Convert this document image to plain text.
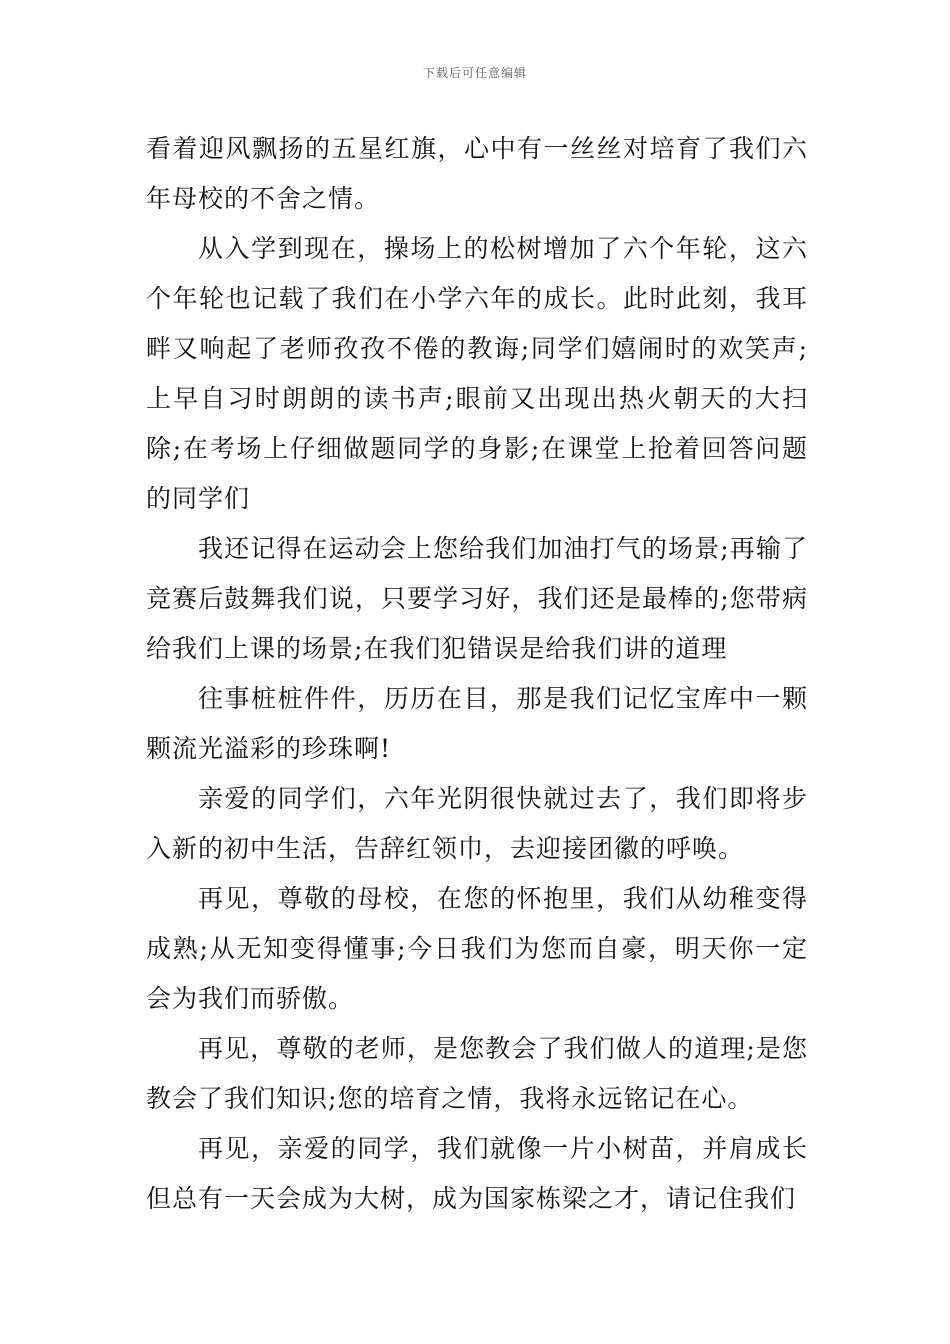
下载后可任意编辑

看着迎风飘扬的五星红旗，心中有一丝丝对培育了我们六年母校的不舍之情。

从入学到现在，操场上的松树增加了六个年轮，这六个年轮也记载了我们在小学六年的成长。此时此刻，我耳畔又响起了老师孜孜不倦的教诲;同学们嬉闹时的欢笑声;上早自习时朗朗的读书声;眼前又出现出热火朝天的大扫除;在考场上仔细做题同学的身影;在课堂上抢着回答问题的同学们

我还记得在运动会上您给我们加油打气的场景;再输了竞赛后鼓舞我们说，只要学习好，我们还是最棒的;您带病给我们上课的场景;在我们犯错误是给我们讲的道理

往事桩桩件件，历历在目，那是我们记忆宝库中一颗颗流光溢彩的珍珠啊!

亲爱的同学们，六年光阴很快就过去了，我们即将步入新的初中生活，告辞红领巾，去迎接团徽的呼唤。

再见，尊敬的母校，在您的怀抱里，我们从幼稚变得成熟;从无知变得懂事;今日我们为您而自豪，明天你一定会为我们而骄傲。

再见，尊敬的老师，是您教会了我们做人的道理;是您教会了我们知识;您的培育之情，我将永远铭记在心。

再见，亲爱的同学，我们就像一片小树苗，并肩成长但总有一天会成为大树，成为国家栋梁之才，请记住我们
